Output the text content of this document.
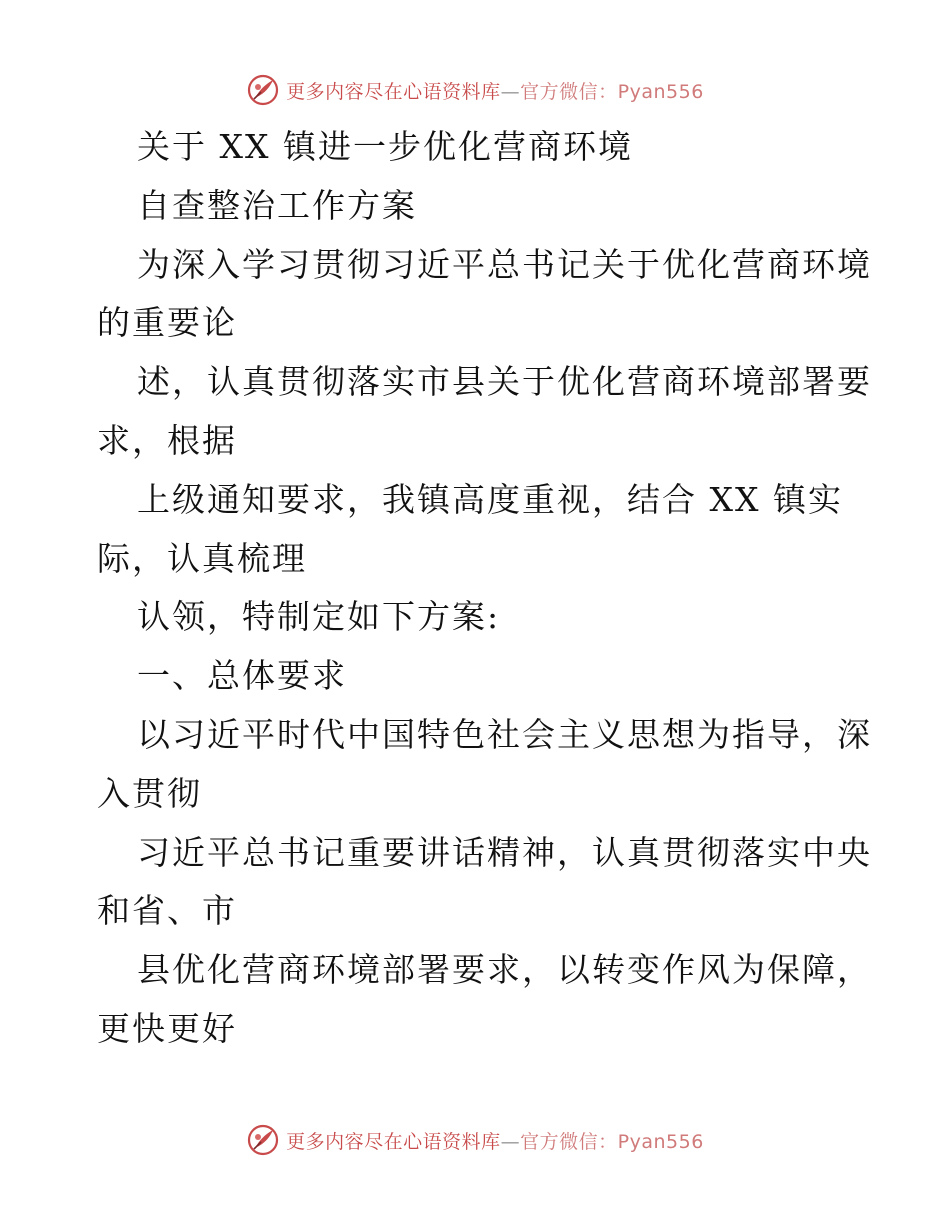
更多内容尽在心语资料库—官方微信：Pyan556
关于 XX 镇进一步优化营商环境
自查整治工作方案
为深入学习贯彻习近平总书记关于优化营商环境
的重要论
述，认真贯彻落实市县关于优化营商环境部署要
求，根据
上级通知要求，我镇高度重视，结合 XX 镇实
际，认真梳理
认领，特制定如下方案:
一、总体要求
以习近平时代中国特色社会主义思想为指导，深
入贯彻
习近平总书记重要讲话精神，认真贯彻落实中央
和省、市
县优化营商环境部署要求，以转变作风为保障，
更快更好
更多内容尽在心语资料库—官方微信：Pyan556
